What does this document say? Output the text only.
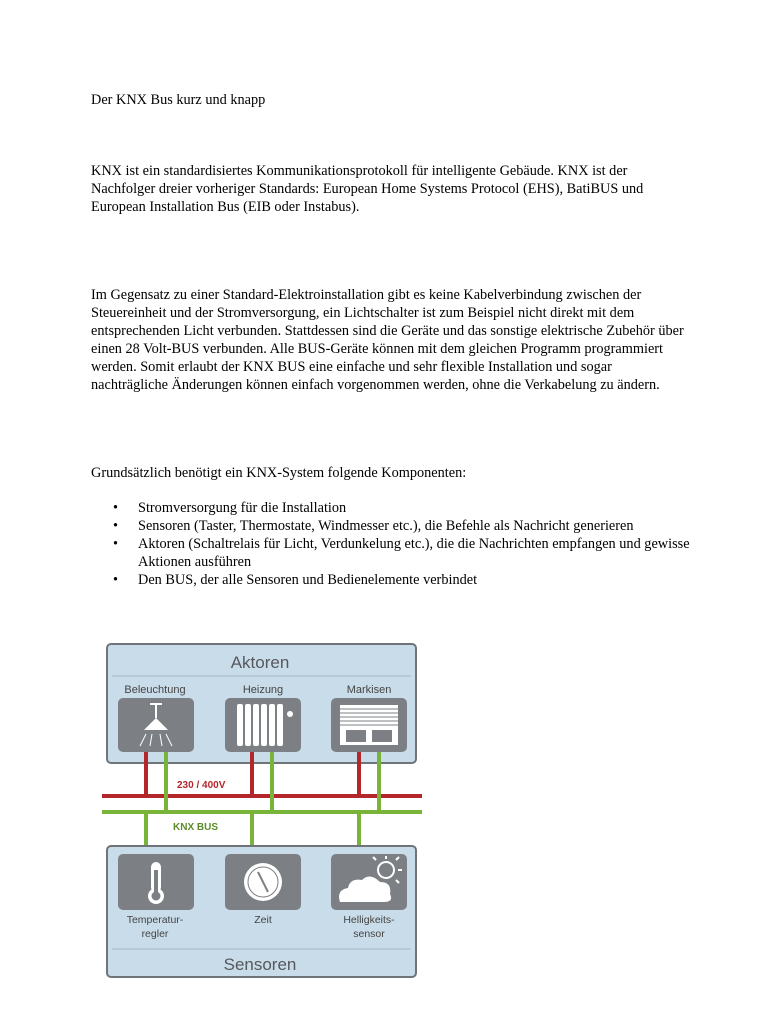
Der KNX Bus kurz und knapp

KNX ist ein standardisiertes Kommunikationsprotokoll für intelligente Gebäude. KNX ist der Nachfolger dreier vorheriger Standards: European Home Systems Protocol (EHS), BatiBUS und European Installation Bus (EIB oder Instabus).

Im Gegensatz zu einer Standard-Elektroinstallation gibt es keine Kabelverbindung zwischen der Steuereinheit und der Stromversorgung, ein Lichtschalter ist zum Beispiel nicht direkt mit dem entsprechenden Licht verbunden. Stattdessen sind die Geräte und das sonstige elektrische Zubehör über einen 28 Volt-BUS verbunden. Alle BUS-Geräte können mit dem gleichen Programm programmiert werden. Somit erlaubt der KNX BUS eine einfache und sehr flexible Installation und sogar nachträgliche Änderungen können einfach vorgenommen werden, ohne die Verkabelung zu ändern.

Grundsätzlich benötigt ein KNX-System folgende Komponenten:

• Stromversorgung für die Installation
• Sensoren (Taster, Thermostate, Windmesser etc.), die Befehle als Nachricht generieren
• Aktoren (Schaltrelais für Licht, Verdunkelung etc.), die die Nachrichten empfangen und gewisse Aktionen ausführen
• Den BUS, der alle Sensoren und Bedienelemente verbindet
Aktoren
Beleuchtung	Heizung	Markisen
230 / 400V
KNX BUS
Temperatur-
regler
Zeit	Helligkeits-
sensor
Sensoren
